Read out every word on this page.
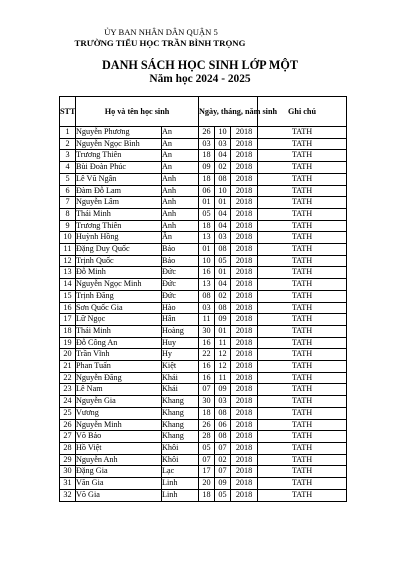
ỦY BAN NHÂN DÂN QUẬN 5
TRƯỜNG TIỂU HỌC TRẦN BÌNH TRỌNG
DANH SÁCH HỌC SINH LỚP MỘT
Năm học 2024 - 2025
STT	Họ và tên học sinh		Ngày, tháng, năm sinh			Ghi chú
1	Nguyễn Phương	An	26	10	2018	TATH
2	Nguyễn Ngọc Bình	An	03	03	2018	TATH
3	Trương Thiên	An	18	04	2018	TATH
4	Bùi Đoàn Phúc	An	09	02	2018	TATH
5	Lê Vũ Ngân	Anh	18	08	2018	TATH
6	Đàm Đỗ Lam	Anh	06	10	2018	TATH
7	Nguyễn Lâm	Anh	01	01	2018	TATH
8	Thái Minh	Anh	05	04	2018	TATH
9	Trương Thiên	Anh	18	04	2018	TATH
10	Huỳnh Hồng	Ân	13	03	2018	TATH
11	Đặng Duy Quốc	Bảo	01	08	2018	TATH
12	Trịnh Quốc	Bảo	10	05	2018	TATH
13	Đỗ Minh	Đức	16	01	2018	TATH
14	Nguyễn Ngọc Minh	Đức	13	04	2018	TATH
15	Trịnh Đăng	Đức	08	02	2018	TATH
16	Sơn Quốc Gia	Hào	03	08	2018	TATH
17	Lữ Ngọc	Hân	11	09	2018	TATH
18	Thái Minh	Hoàng	30	01	2018	TATH
19	Đỗ Công An	Huy	16	11	2018	TATH
20	Trần Vĩnh	Hy	22	12	2018	TATH
21	Phan Tuấn	Kiệt	16	12	2018	TATH
22	Nguyễn Đăng	Khải	16	11	2018	TATH
23	Lê Nam	Khải	07	09	2018	TATH
24	Nguyễn Gia	Khang	30	03	2018	TATH
25	Vương	Khang	18	08	2018	TATH
26	Nguyễn Minh	Khang	26	06	2018	TATH
27	Võ Bảo	Khang	28	08	2018	TATH
28	Hồ Việt	Khôi	05	07	2018	TATH
29	Nguyễn Anh	Khôi	07	02	2018	TATH
30	Đặng Gia	Lạc	17	07	2018	TATH
31	Văn Gia	Linh	20	09	2018	TATH
32	Võ Gia	Linh	18	05	2018	TATH
